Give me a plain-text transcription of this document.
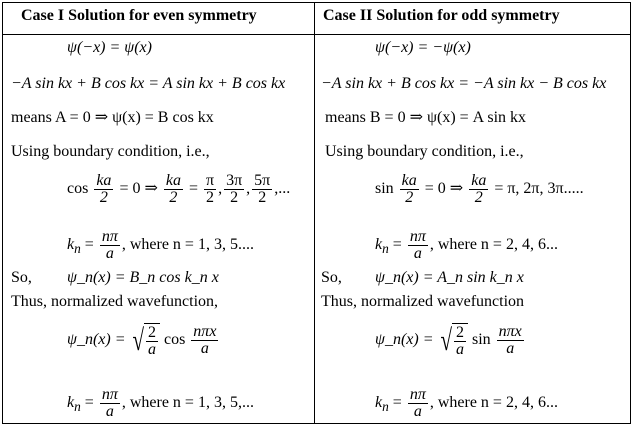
Case I Solution for even symmetry	Case II Solution for odd symmetry
ψ(−x) = ψ(x)
−A sin kx + B cos kx = A sin kx + B cos kx
means A = 0 ⇒ ψ(x) = B cos kx
Using boundary condition, i.e.,
$\cos \frac{ka}{2} = 0$ ⇒ $\frac{ka}{2} = \frac{\pi}{2}$ , $\frac{3\pi}{2}$ , $\frac{5\pi}{2}$ ,...
$k_n = \frac{n\pi}{a}$ , where n = 1, 3, 5....
So, ψ_n(x) = B_n cos k_n x
Thus, normalized wavefunction,
ψ_n(x) = √ $\frac{2}{a}$ $\cos \frac{\text{nπx}}{a}$
$k_n = \frac{n\pi}{a}$ , where n = 1, 3, 5,...
ψ(−x) = −ψ(x)
−A sin kx + B cos kx = −A sin kx − B cos kx
means B = 0 ⇒ ψ(x) = A sin kx
Using boundary condition, i.e.,
$\sin \frac{ka}{2} = 0$ ⇒ $\frac{ka}{2} = \pi$, 2π, 3π.....
$k_n = \frac{n\pi}{a}$ , where n = 2, 4, 6...
So, ψ_n(x) = A_n sin k_n x
Thus, normalized wavefunction
ψ_n(x) = √ $\frac{2}{a}$ $\sin \frac{\text{nπx}}{a}$
$k_n = \frac{n\pi}{a}$ , where n = 2, 4, 6...
